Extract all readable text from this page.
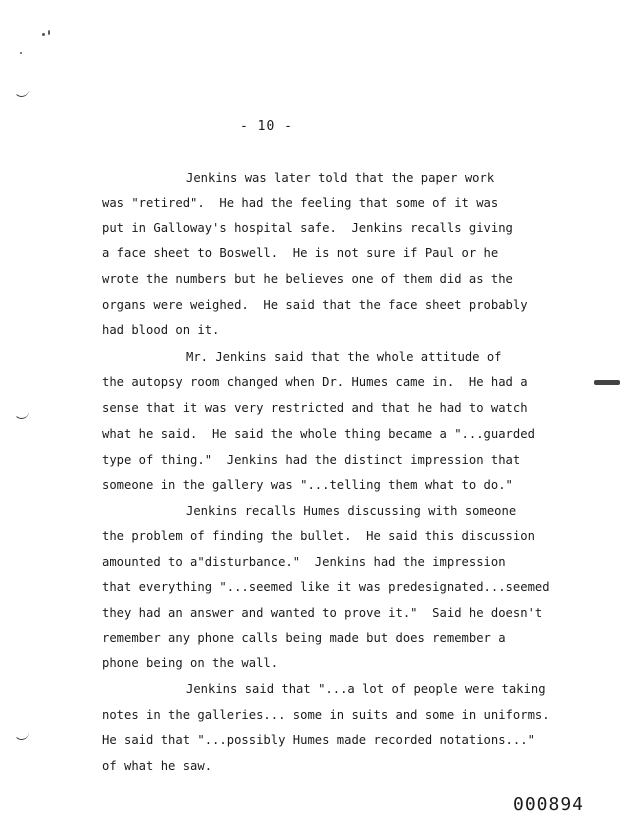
- 10 -
Jenkins was later told that the paper work
was "retired".  He had the feeling that some of it was
put in Galloway's hospital safe.  Jenkins recalls giving
a face sheet to Boswell.  He is not sure if Paul or he
wrote the numbers but he believes one of them did as the
organs were weighed.  He said that the face sheet probably
had blood on it.
Mr. Jenkins said that the whole attitude of
the autopsy room changed when Dr. Humes came in.  He had a
sense that it was very restricted and that he had to watch
what he said.  He said the whole thing became a "...guarded
type of thing."  Jenkins had the distinct impression that
someone in the gallery was "...telling them what to do."
Jenkins recalls Humes discussing with someone
the problem of finding the bullet.  He said this discussion
amounted to a"disturbance."  Jenkins had the impression
that everything "...seemed like it was predesignated...seemed
they had an answer and wanted to prove it."  Said he doesn't
remember any phone calls being made but does remember a
phone being on the wall.
Jenkins said that "...a lot of people were taking
notes in the galleries... some in suits and some in uniforms.
He said that "...possibly Humes made recorded notations..."
of what he saw.
000894
